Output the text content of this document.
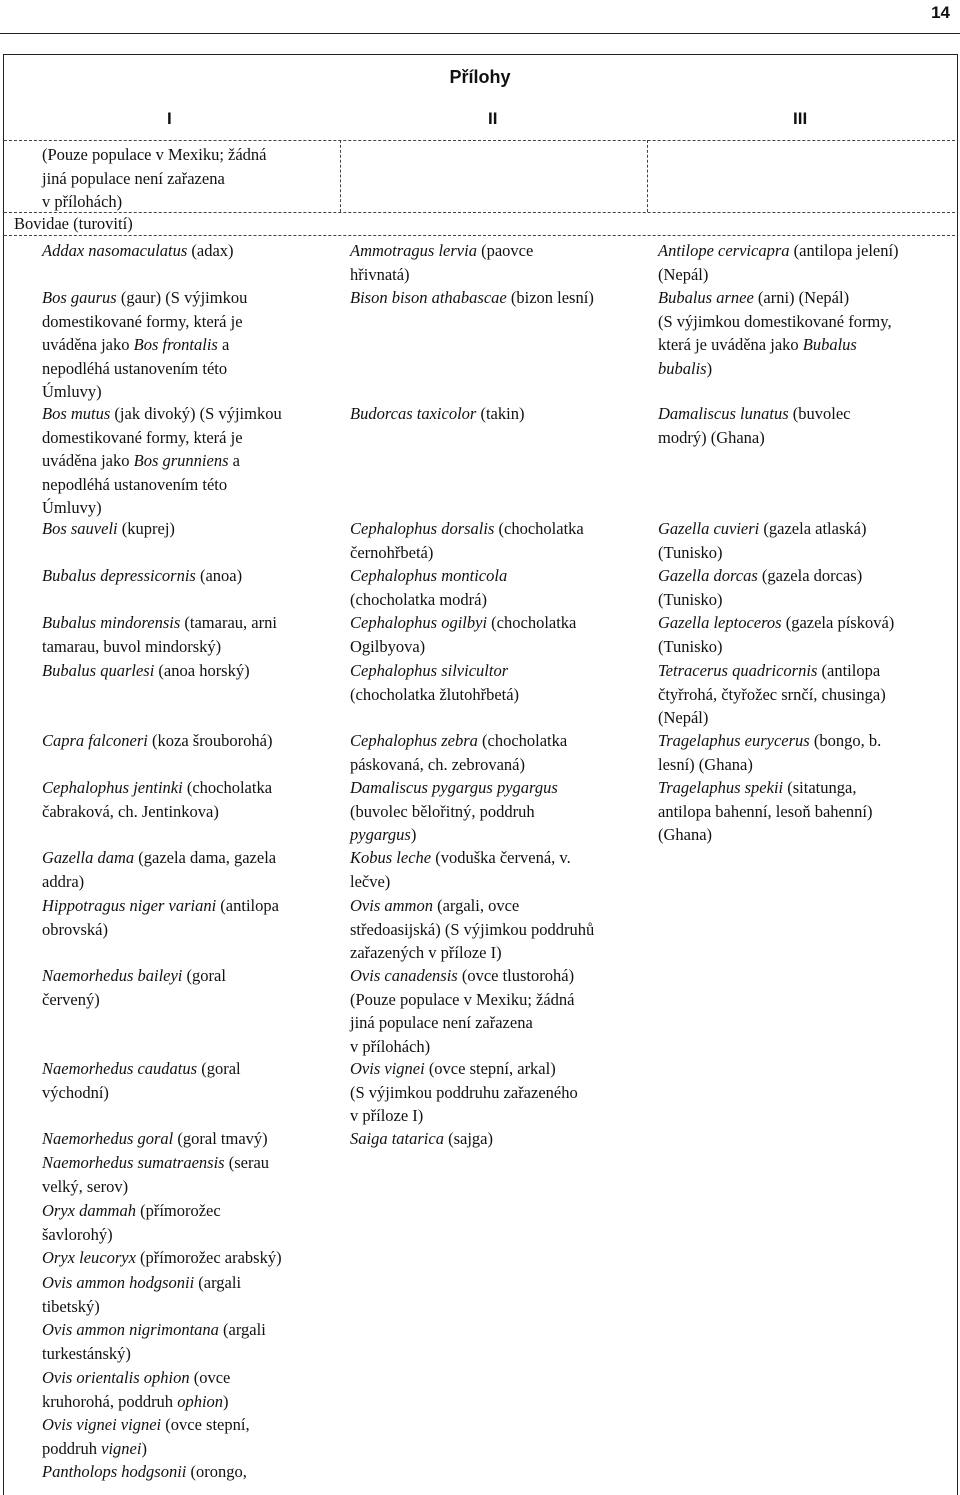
14
Přílohy
I	II	III
(Pouze populace v Mexiku; žádná
jiná populace není zařazena
v přílohách)
Bovidae (turovití)
Addax nasomaculatus (adax)
Bos gaurus (gaur) (S výjimkou
domestikované formy, která je
uváděna jako Bos frontalis a
nepodléhá ustanovením této
Úmluvy)
Bos mutus (jak divoký) (S výjimkou
domestikované formy, která je
uváděna jako Bos grunniens a
nepodléhá ustanovením této
Úmluvy)
Bos sauveli (kuprej)
Bubalus depressicornis (anoa)
Bubalus mindorensis (tamarau, arni
tamarau, buvol mindorský)
Bubalus quarlesi (anoa horský)
Capra falconeri (koza šrouborohá)
Cephalophus jentinki (chocholatka
čabraková, ch. Jentinkova)
Gazella dama (gazela dama, gazela
addra)
Hippotragus niger variani (antilopa
obrovská)
Naemorhedus baileyi (goral
červený)
Naemorhedus caudatus (goral
východní)
Naemorhedus goral (goral tmavý)
Naemorhedus sumatraensis (serau
velký, serov)
Oryx dammah (přímorožec
šavlorohý)
Oryx leucoryx (přímorožec arabský)
Ovis ammon hodgsonii (argali
tibetský)
Ovis ammon nigrimontana (argali
turkestánský)
Ovis orientalis ophion (ovce
kruhorohá, poddruh ophion)
Ovis vignei vignei (ovce stepní,
poddruh vignei)
Pantholops hodgsonii (orongo,
Ammotragus lervia (paovce
hřivnatá)
Bison bison athabascae (bizon lesní)
Budorcas taxicolor (takin)
Cephalophus dorsalis (chocholatka
černohřbetá)
Cephalophus monticola
(chocholatka modrá)
Cephalophus ogilbyi (chocholatka
Ogilbyova)
Cephalophus silvicultor
(chocholatka žlutohřbetá)
Cephalophus zebra (chocholatka
páskovaná, ch. zebrovaná)
Damaliscus pygargus pygargus
(buvolec bělořitný, poddruh
pygargus)
Kobus leche (voduška červená, v.
lečve)
Ovis ammon (argali, ovce
středoasijská) (S výjimkou poddruhů
zařazených v příloze I)
Ovis canadensis (ovce tlustorohá)
(Pouze populace v Mexiku; žádná
jiná populace není zařazena
v přílohách)
Ovis vignei (ovce stepní, arkal)
(S výjimkou poddruhu zařazeného
v příloze I)
Saiga tatarica (sajga)
Antilope cervicapra (antilopa jelení)
(Nepál)
Bubalus arnee (arni) (Nepál)
(S výjimkou domestikované formy,
která je uváděna jako Bubalus
bubalis)
Damaliscus lunatus (buvolec
modrý) (Ghana)
Gazella cuvieri (gazela atlaská)
(Tunisko)
Gazella dorcas (gazela dorcas)
(Tunisko)
Gazella leptoceros (gazela písková)
(Tunisko)
Tetracerus quadricornis (antilopa
čtyřrohá, čtyřožec srnčí, chusinga)
(Nepál)
Tragelaphus eurycerus (bongo, b.
lesní) (Ghana)
Tragelaphus spekii (sitatunga,
antilopa bahenní, lesoň bahenní)
(Ghana)
